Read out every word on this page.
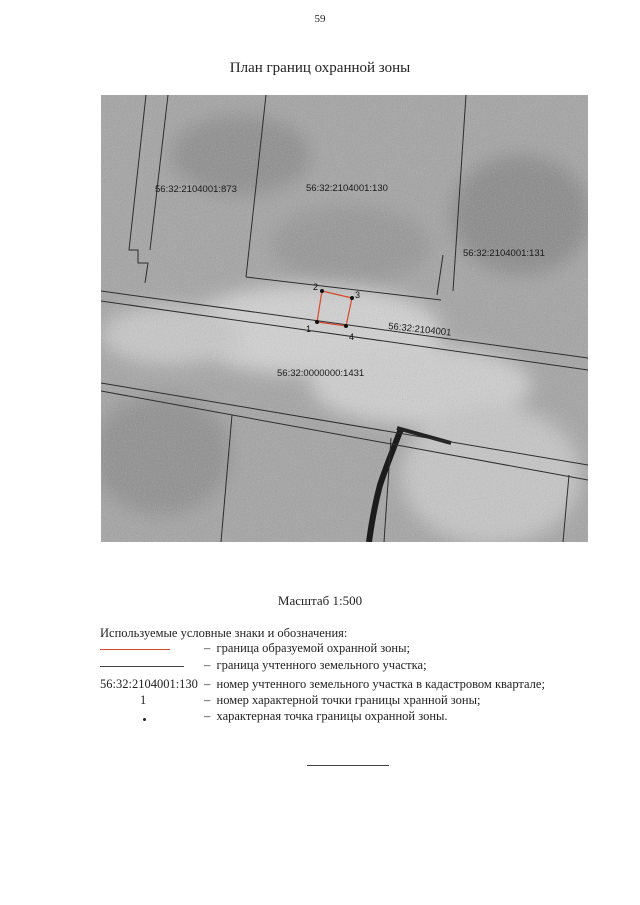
59
План границ охранной зоны
1
2
3
4
56:32:2104001:873	56:32:2104001:130
56:32:2104001:131
56:32:2104001
56:32:0000000:1431
Масштаб 1:500
Используемые условные знаки и обозначения:
– граница образуемой охранной зоны;
– граница учтенного земельного участка;
56:32:2104001:130 – номер учтенного земельного участка в кадастровом квартале;
1	– номер характерной точки границы хранной зоны;
– характерная точка границы охранной зоны.
